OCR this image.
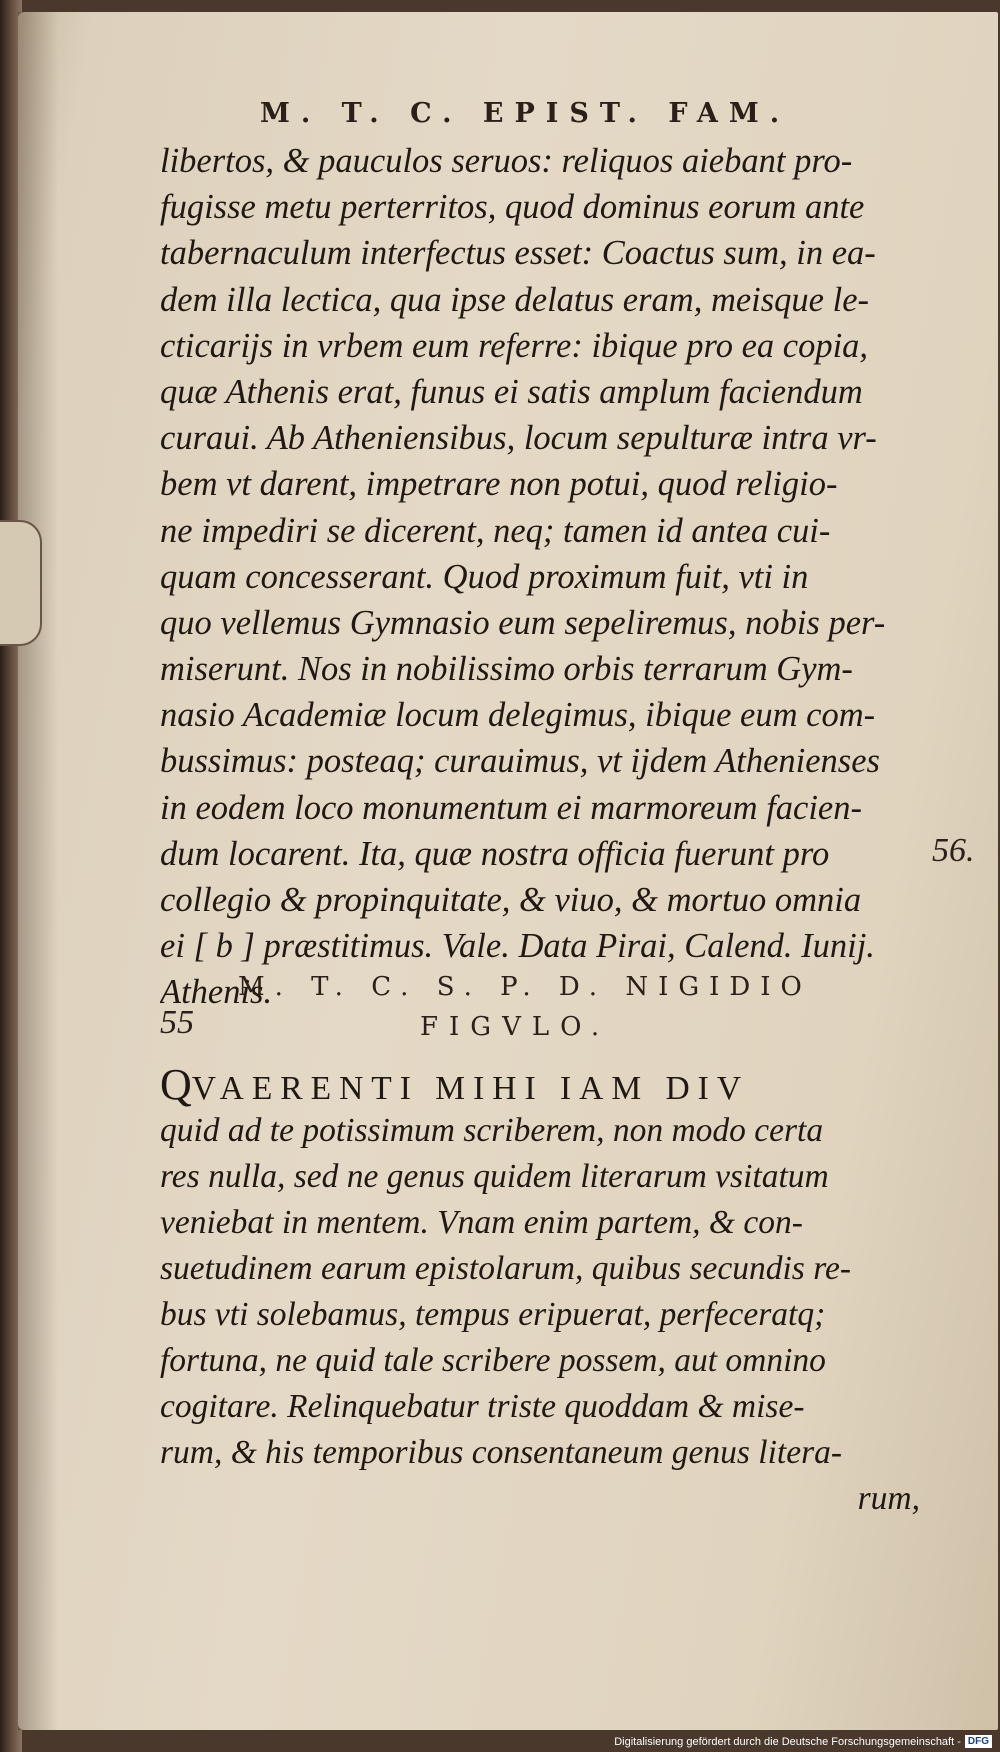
M. T. C. EPIST. FAM.
libertos, & pauculos seruos: reliquos aiebant pro-
fugisse metu perterritos, quod dominus eorum ante
tabernaculum interfectus esset: Coactus sum, in ea-
dem illa lectica, qua ipse delatus eram, meisque le-
cticarijs in vrbem eum referre: ibique pro ea copia,
quæ Athenis erat, funus ei satis amplum faciendum
curaui. Ab Atheniensibus, locum sepulturæ intra vr-
bem vt darent, impetrare non potui, quod religio-
ne impediri se dicerent, neq; tamen id antea cui-
quam concesserant. Quod proximum fuit, vti in
quo vellemus Gymnasio eum sepeliremus, nobis per-
miserunt. Nos in nobilissimo orbis terrarum Gym-
nasio Academiæ locum delegimus, ibique eum com-
bussimus: posteaq; curauimus, vt ijdem Athenienses
in eodem loco monumentum ei marmoreum facien-
dum locarent. Ita, quæ nostra officia fuerunt pro
collegio & propinquitate, & viuo, & mortuo omnia
ei [ b ] præstitimus. Vale. Data Pirai, Calend. Iunij.
Athenis.
56.
M. T. C. S. P. D. NIGIDIO
55	FIGVLO.
QVAERENTI MIHI IAM DIV
quid ad te potissimum scriberem, non modo certa
res nulla, sed ne genus quidem literarum vsitatum
veniebat in mentem. Vnam enim partem, & con-
suetudinem earum epistolarum, quibus secundis re-
bus vti solebamus, tempus eripuerat, perfeceratq;
fortuna, ne quid tale scribere possem, aut omnino
cogitare. Relinquebatur triste quoddam & mise-
rum, & his temporibus consentaneum genus litera-
rum,
Digitalisierung gefördert durch die Deutsche Forschungsgemeinschaft - DFG
